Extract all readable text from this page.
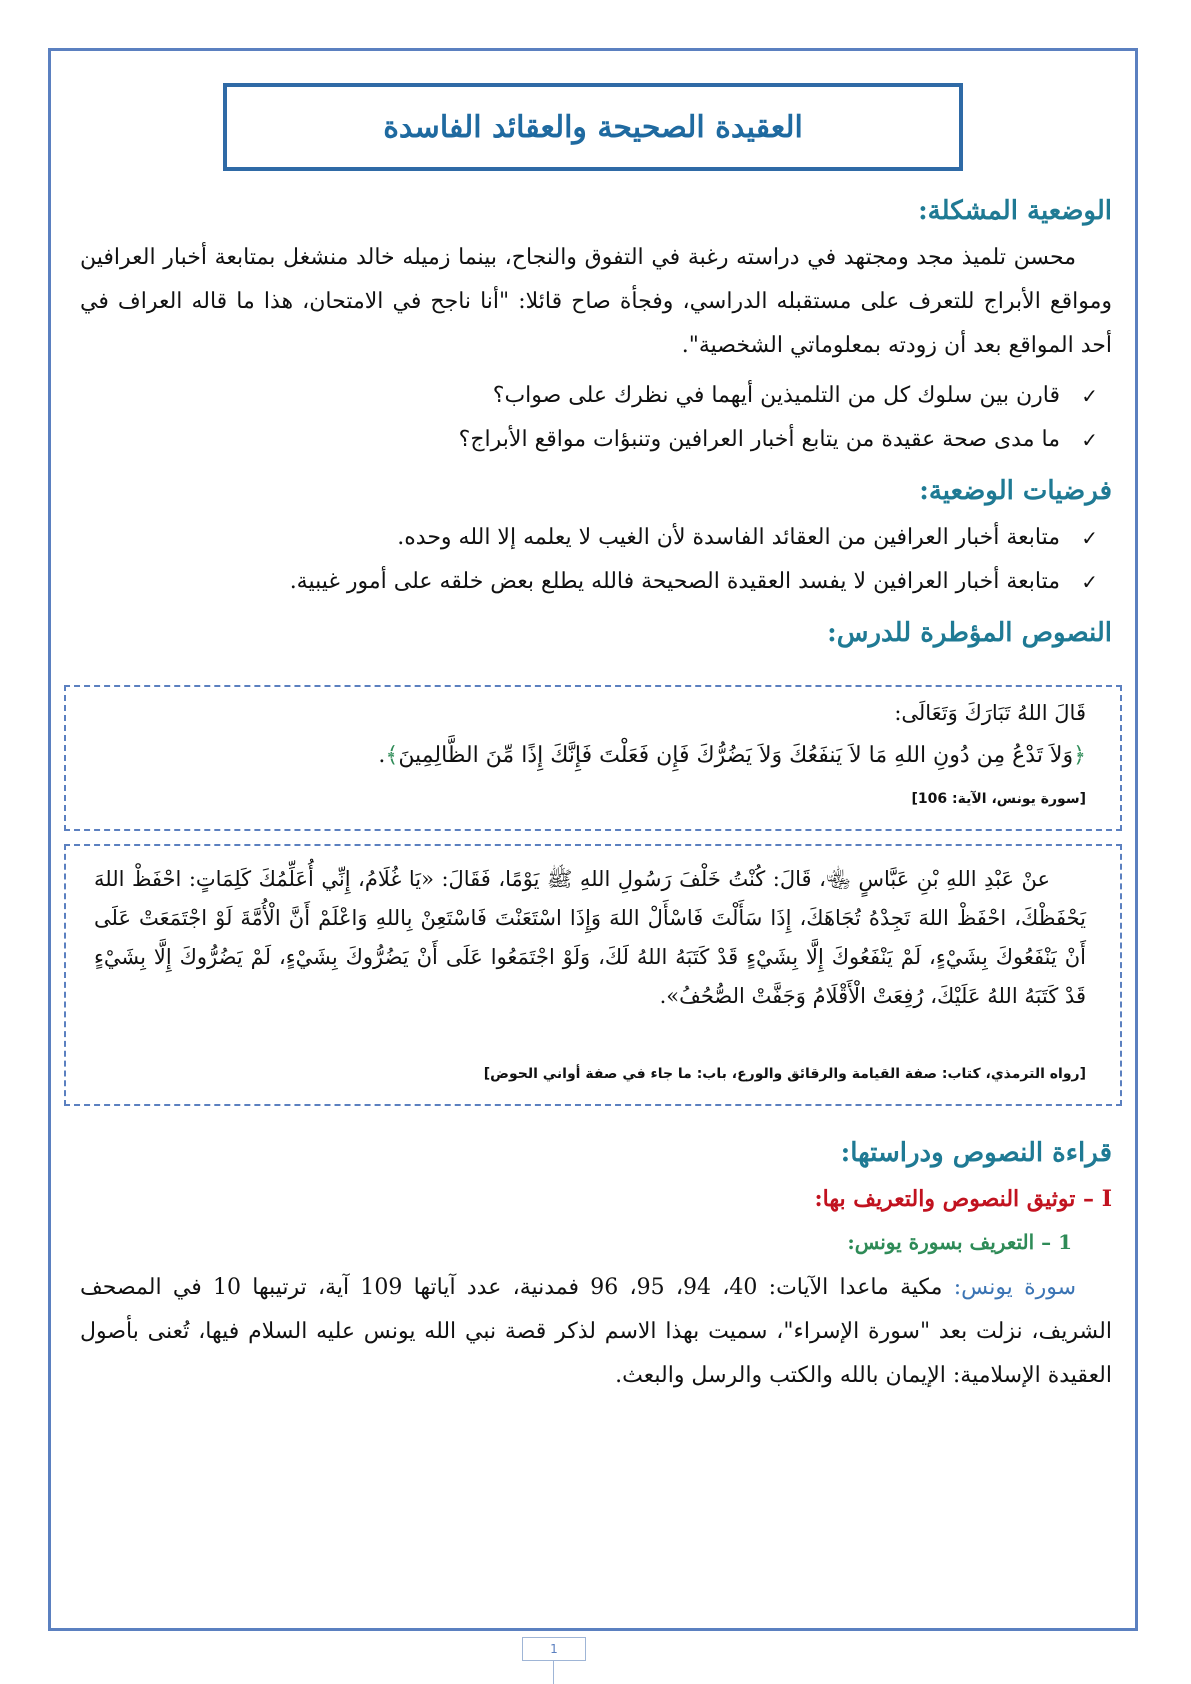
العقيدة الصحيحة والعقائد الفاسدة
الوضعية المشكلة:
محسن تلميذ مجد ومجتهد في دراسته رغبة في التفوق والنجاح، بينما زميله خالد منشغل بمتابعة أخبار العرافين ومواقع الأبراج للتعرف على مستقبله الدراسي، وفجأة صاح قائلا: "أنا ناجح في الامتحان، هذا ما قاله العراف في أحد المواقع بعد أن زودته بمعلوماتي الشخصية".
✓
قارن بين سلوك كل من التلميذين أيهما في نظرك على صواب؟
✓
ما مدى صحة عقيدة من يتابع أخبار العرافين وتنبؤات مواقع الأبراج؟
فرضيات الوضعية:
✓
متابعة أخبار العرافين من العقائد الفاسدة لأن الغيب لا يعلمه إلا الله وحده.
✓
متابعة أخبار العرافين لا يفسد العقيدة الصحيحة فالله يطلع بعض خلقه على أمور غيبية.
النصوص المؤطرة للدرس:
قَالَ اللهُ تَبَارَكَ وَتَعَالَى:
﴿وَلاَ تَدْعُ مِن دُونِ اللهِ مَا لاَ يَنفَعُكَ وَلاَ يَضُرُّكَ فَإِن فَعَلْتَ فَإِنَّكَ إِذًا مِّنَ الظَّالِمِينَ﴾.
[سورة يونس، الآية: 106]
عنْ عَبْدِ اللهِ بْنِ عَبَّاسٍ ﵄، قَالَ: كُنْتُ خَلْفَ رَسُولِ اللهِ ﷺ يَوْمًا، فَقَالَ: «يَا غُلَامُ، إِنِّي أُعَلِّمُكَ كَلِمَاتٍ: احْفَظْ اللهَ يَحْفَظْكَ، احْفَظْ اللهَ تَجِدْهُ تُجَاهَكَ، إِذَا سَأَلْتَ فَاسْأَلْ اللهَ وَإِذَا اسْتَعَنْتَ فَاسْتَعِنْ بِاللهِ وَاعْلَمْ أَنَّ الْأُمَّةَ لَوْ اجْتَمَعَتْ عَلَى أَنْ يَنْفَعُوكَ بِشَيْءٍ، لَمْ يَنْفَعُوكَ إِلَّا بِشَيْءٍ قَدْ كَتَبَهُ اللهُ لَكَ، وَلَوْ اجْتَمَعُوا عَلَى أَنْ يَضُرُّوكَ بِشَيْءٍ، لَمْ يَضُرُّوكَ إِلَّا بِشَيْءٍ قَدْ كَتَبَهُ اللهُ عَلَيْكَ، رُفِعَتْ الْأَقْلَامُ وَجَفَّتْ الصُّحُفُ».
[رواه الترمذي، كتاب: صفة القيامة والرقائق والورع، باب: ما جاء في صفة أواني الحوض]
قراءة النصوص ودراستها:
I – توثيق النصوص والتعريف بها:
1 – التعريف بسورة يونس:
سورة يونس: مكية ماعدا الآيات: 40، 94، 95، 96 فمدنية، عدد آياتها 109 آية، ترتيبها 10 في المصحف الشريف، نزلت بعد "سورة الإسراء"، سميت بهذا الاسم لذكر قصة نبي الله يونس عليه السلام فيها، تُعنى بأصول العقيدة الإسلامية: الإيمان بالله والكتب والرسل والبعث.
1
